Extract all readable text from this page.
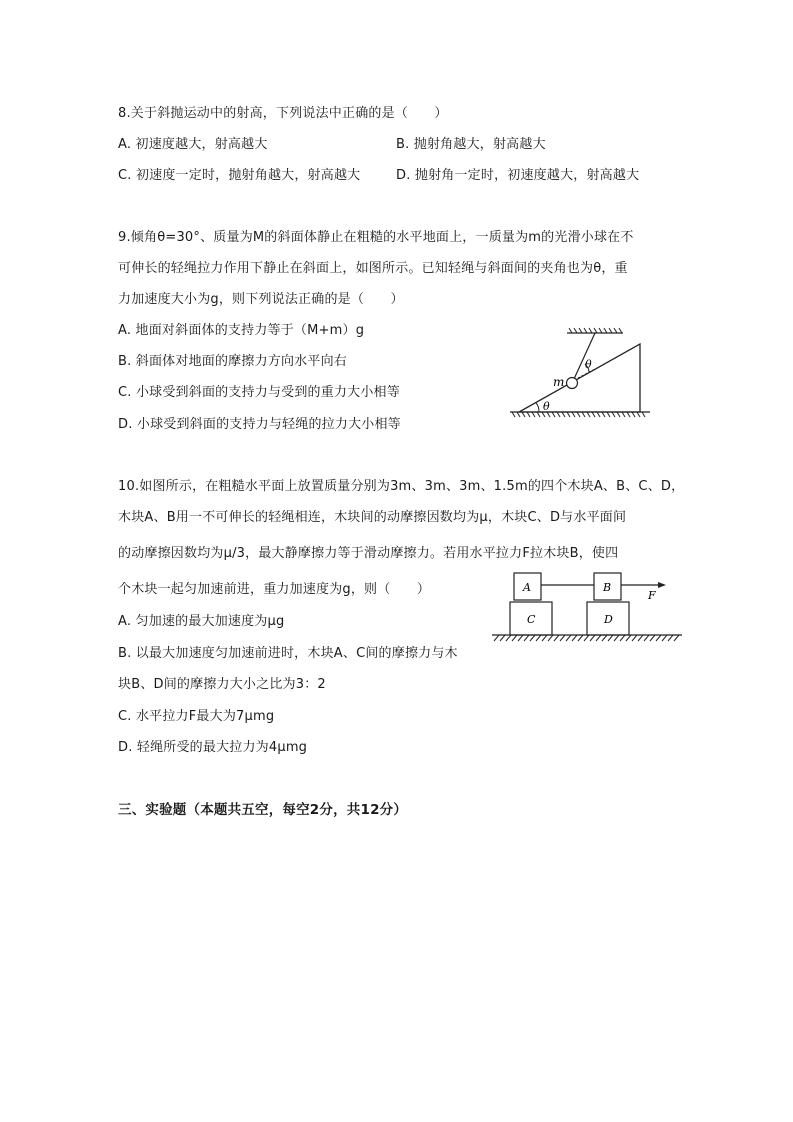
8.关于斜抛运动中的射高，下列说法中正确的是（　　）
A. 初速度越大，射高越大	B. 抛射角越大，射高越大
C. 初速度一定时，抛射角越大，射高越大	D. 抛射角一定时，初速度越大，射高越大
9.倾角θ=30°、质量为M的斜面体静止在粗糙的水平地面上，一质量为m的光滑小球在不
可伸长的轻绳拉力作用下静止在斜面上，如图所示。已知轻绳与斜面间的夹角也为θ，重
力加速度大小为g，则下列说法正确的是（　　）
A. 地面对斜面体的支持力等于（M+m）g
B. 斜面体对地面的摩擦力方向水平向右
C. 小球受到斜面的支持力与受到的重力大小相等
D. 小球受到斜面的支持力与轻绳的拉力大小相等
m
θ
θ
10.如图所示，在粗糙水平面上放置质量分别为3m、3m、3m、1.5m的四个木块A、B、C、D，
木块A、B用一不可伸长的轻绳相连，木块间的动摩擦因数均为μ，木块C、D与水平面间
的动摩擦因数均为μ/3，最大静摩擦力等于滑动摩擦力。若用水平拉力F拉木块B，使四
个木块一起匀加速前进，重力加速度为g，则（　　）
A. 匀加速的最大加速度为μg
B. 以最大加速度匀加速前进时，木块A、C间的摩擦力与木
块B、D间的摩擦力大小之比为3：2
C. 水平拉力F最大为7μmg
D. 轻绳所受的最大拉力为4μmg
A	B
C	D
F
三、实验题（本题共五空，每空2分，共12分）
